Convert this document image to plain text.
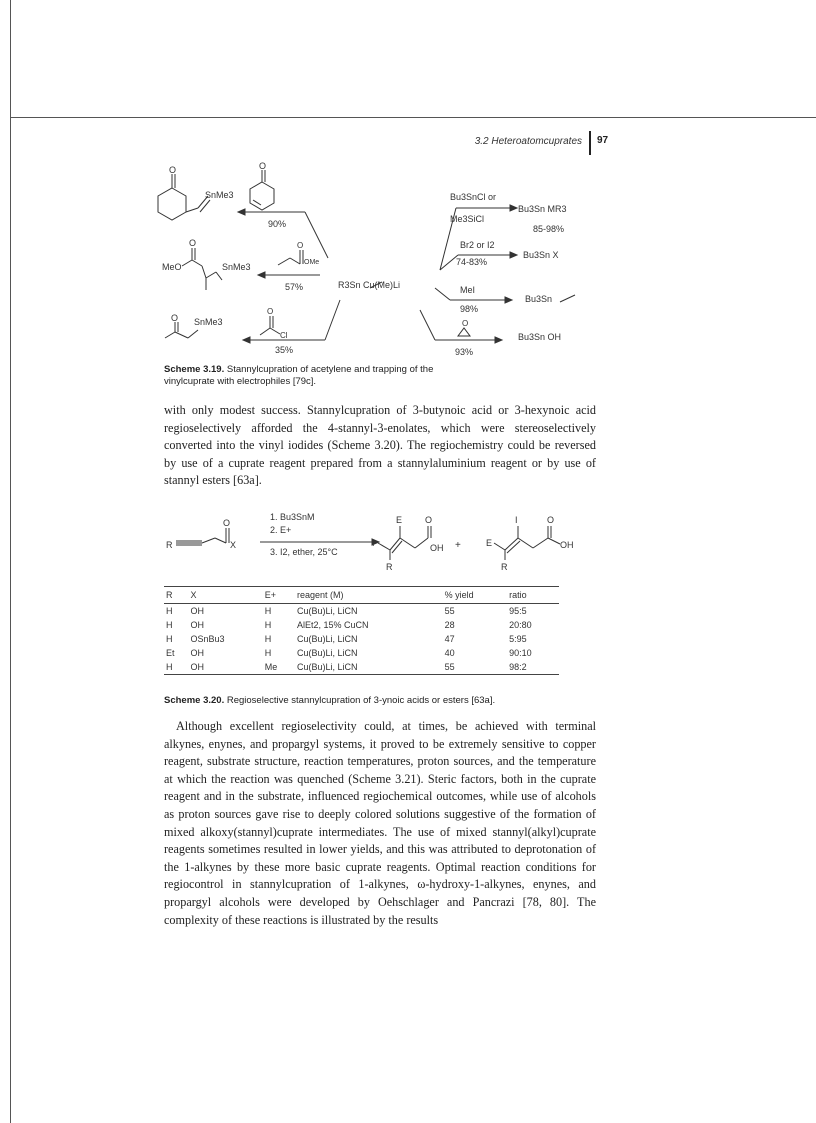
3.2 Heteroatomcuprates 97
O
SnMe3
O
90%
MeO
O
SnMe3
O
OMe
57%
O SnMe3
O
Cl
35%
R3Sn Cu(Me)Li
Bu3SnCl or
Me3SiCl
Bu3Sn MR3
85-98%
Br2 or I2
74-83%
Bu3Sn X
MeI
98%
Bu3Sn
O
93%
Bu3Sn OH
Scheme 3.19. Stannylcupration of acetylene and trapping of the vinylcuprate with electrophiles [79c].

with only modest success. Stannylcupration of 3-butynoic acid or 3-hexynoic acid regioselectively afforded the 4-stannyl-3-enolates, which were stereoselectively converted into the vinyl iodides (Scheme 3.20). The regiochemistry could be reversed by use of a cuprate reagent prepared from a stannylaluminium reagent or by use of stannyl esters [63a].

R
O
X
1. Bu3SnM
2. E+
3. I2, ether, 25°C
E	O
I	OH
R
+
I	O
E	OH
R
R	X	E+	reagent (M)	% yield	ratio
H	OH	H	Cu(Bu)Li, LiCN	55	95:5
H	OH	H	AlEt2, 15% CuCN	28	20:80
H	OSnBu3	H	Cu(Bu)Li, LiCN	47	5:95
Et	OH	H	Cu(Bu)Li, LiCN	40	90:10
H	OH	Me	Cu(Bu)Li, LiCN	55	98:2
Scheme 3.20. Regioselective stannylcupration of 3-ynoic acids or esters [63a].

Although excellent regioselectivity could, at times, be achieved with terminal alkynes, enynes, and propargyl systems, it proved to be extremely sensitive to copper reagent, substrate structure, reaction temperatures, proton sources, and the temperature at which the reaction was quenched (Scheme 3.21). Steric factors, both in the cuprate reagent and in the substrate, influenced regiochemical outcomes, while use of alcohols as proton sources gave rise to deeply colored solutions suggestive of the formation of mixed alkoxy(stannyl)cuprate intermediates. The use of mixed stannyl(alkyl)cuprate reagents sometimes resulted in lower yields, and this was attributed to deprotonation of the 1-alkynes by these more basic cuprate reagents. Optimal reaction conditions for regiocontrol in stannylcupration of 1-alkynes, ω-hydroxy-1-alkynes, enynes, and propargyl alcohols were developed by Oehschlager and Pancrazi [78, 80]. The complexity of these reactions is illustrated by the results
